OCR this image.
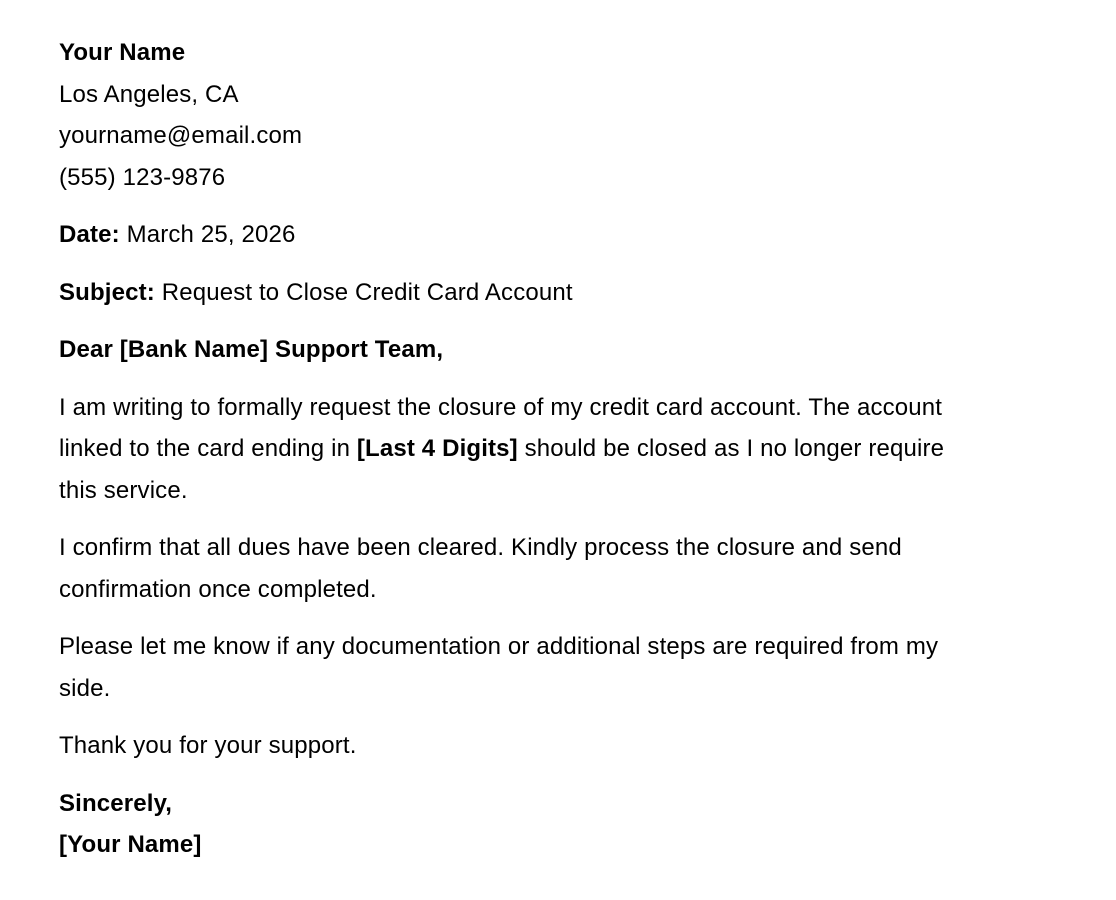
Your Name
Los Angeles, CA
yourname@email.com
(555) 123-9876
Date: March 25, 2026
Subject: Request to Close Credit Card Account
Dear [Bank Name] Support Team,
I am writing to formally request the closure of my credit card account. The account
linked to the card ending in [Last 4 Digits] should be closed as I no longer require
this service.
I confirm that all dues have been cleared. Kindly process the closure and send
confirmation once completed.
Please let me know if any documentation or additional steps are required from my
side.
Thank you for your support.
Sincerely,
[Your Name]
